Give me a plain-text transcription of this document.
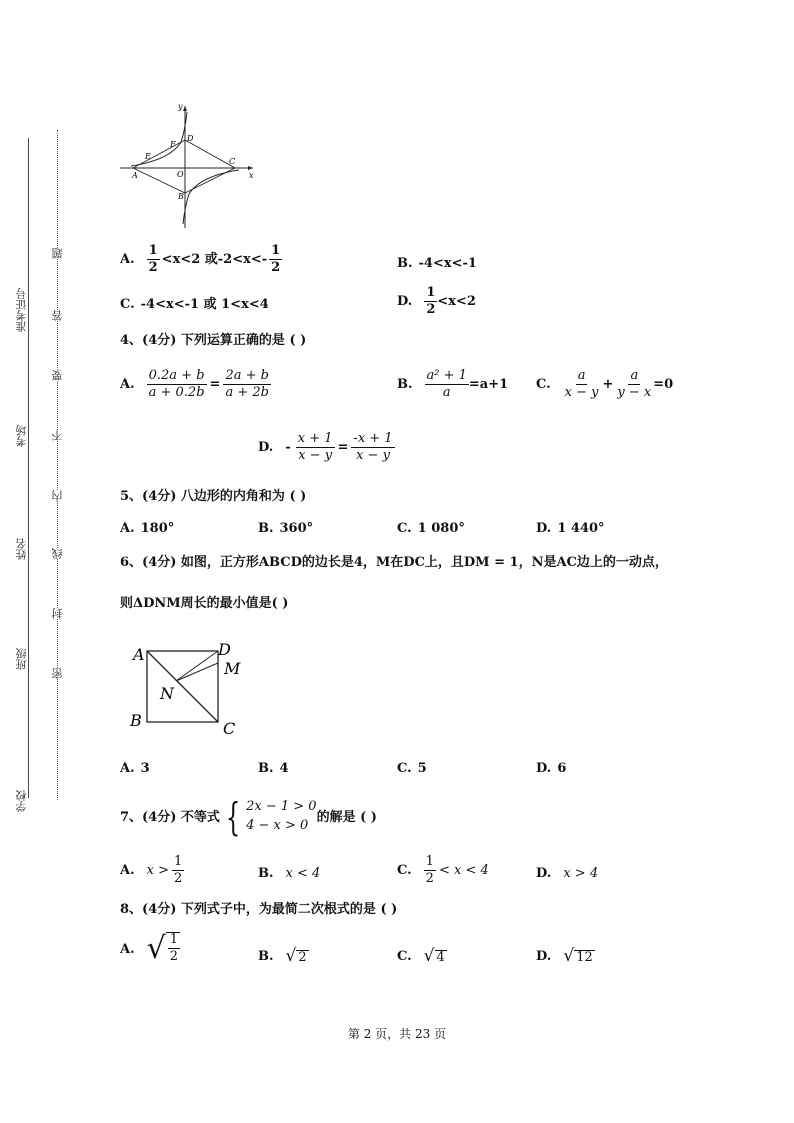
准考证号
考场
姓名
班级
学校
题
答
要
不
内
线
封
密
y
x
A
E
F
D
O
C
B
A. $\frac{1}{2} <x<2$ 或$-2<x<- \frac{1}{2}$	B. -4<x<-1
C. -4<x<-1 或 1<x<4	D. $\frac{1}{2} <x<2$
4、(4分) 下列运算正确的是 ( )
A. $\frac{0.2a + b}{a + 0.2b} = \frac{2a + b}{a + 2b}$	B. $\frac{\text{a² + 1}}{a} =a+1$ C. $\frac{a}{x - y} + \frac{a}{y - x} =0$
D. - $\frac{x + 1}{x - y} = \frac{-x + 1}{x - y}$
5、(4分) 八边形的内角和为 ( )
A. 180°	B. 360°	C. 1 080°	D. 1 440°
6、(4分) 如图，正方形ABCD的边长是4，M在DC上，且DM = 1，N是AC边上的一动点，
则ΔDNM周长的最小值是( )
A	D
M
N
B	C
A. 3	B. 4	C. 5	D. 6
7、(4分) 不等式 { 2x − 1 > 0
4 − x > 0
的解是 ( )
A. $x > \frac{1}{2}$	B. x < 4	C. $\frac{1}{2} < x < 4$	D. x > 4
8、(4分) 下列式子中，为最简二次根式的是 ( )
A. √ $\frac{1}{2}$	B. √ 2	C. √ 4	D. √ 12
第 2 页，共 23 页
